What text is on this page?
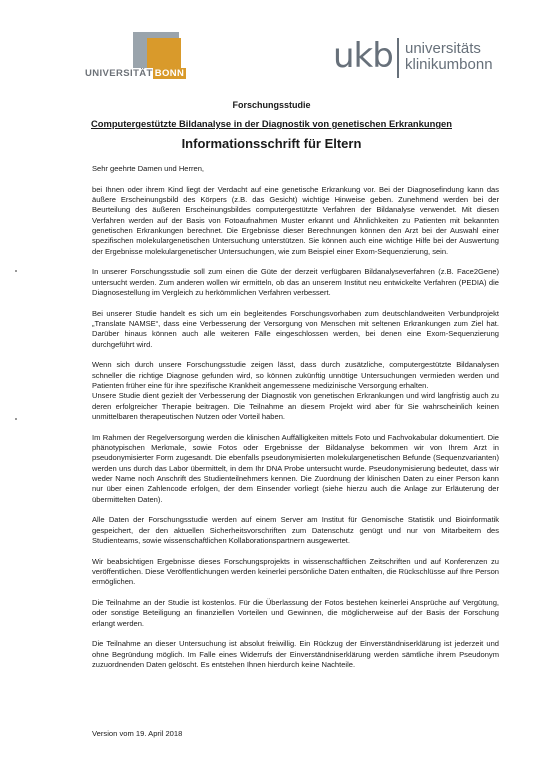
UNIVERSITÄT BONN	ukb universitäts
klinikumbonn
Forschungsstudie
Computergestützte Bildanalyse in der Diagnostik von genetischen Erkrankungen
Informationsschrift für Eltern

Sehr geehrte Damen und Herren,

bei Ihnen oder ihrem Kind liegt der Verdacht auf eine genetische Erkrankung vor. Bei der Diagnosefindung kann das äußere Erscheinungsbild des Körpers (z.B. das Gesicht) wichtige Hinweise geben. Zunehmend werden bei der Beurteilung des äußeren Erscheinungsbildes computergestützte Verfahren der Bildanalyse verwendet. Mit diesen Verfahren werden auf der Basis von Fotoaufnahmen Muster erkannt und Ähnlichkeiten zu Patienten mit bekannten genetischen Erkrankungen berechnet. Die Ergebnisse dieser Berechnungen können den Arzt bei der Auswahl einer spezifischen molekulargenetischen Untersuchung unterstützen. Sie können auch eine wichtige Hilfe bei der Auswertung der Ergebnisse molekulargenetischer Untersuchungen, wie zum Beispiel einer Exom-Sequenzierung, sein.

In unserer Forschungsstudie soll zum einen die Güte der derzeit verfügbaren Bildanalyseverfahren (z.B. Face2Gene) untersucht werden. Zum anderen wollen wir ermitteln, ob das an unserem Institut neu entwickelte Verfahren (PEDIA) die Diagnosestellung im Vergleich zu herkömmlichen Verfahren verbessert.

Bei unserer Studie handelt es sich um ein begleitendes Forschungsvorhaben zum deutschlandweiten Verbundprojekt „Translate NAMSE“, dass eine Verbesserung der Versorgung von Menschen mit seltenen Erkrankungen zum Ziel hat. Darüber hinaus können auch alle weiteren Fälle eingeschlossen werden, bei denen eine Exom-Sequenzierung durchgeführt wird.

Wenn sich durch unsere Forschungsstudie zeigen lässt, dass durch zusätzliche, computergestützte Bildanalysen schneller die richtige Diagnose gefunden wird, so können zukünftig unnötige Untersuchungen vermieden werden und Patienten früher eine für ihre spezifische Krankheit angemessene medizinische Versorgung erhalten.

Unsere Studie dient gezielt der Verbesserung der Diagnostik von genetischen Erkrankungen und wird langfristig auch zu deren erfolgreicher Therapie beitragen. Die Teilnahme an diesem Projekt wird aber für Sie wahrscheinlich keinen unmittelbaren therapeutischen Nutzen oder Vorteil haben.

Im Rahmen der Regelversorgung werden die klinischen Auffälligkeiten mittels Foto und Fachvokabular dokumentiert. Die phänotypischen Merkmale, sowie Fotos oder Ergebnisse der Bildanalyse bekommen wir von Ihrem Arzt in pseudonymisierter Form zugesandt. Die ebenfalls pseudonymisierten molekulargenetischen Befunde (Sequenzvarianten) werden uns durch das Labor übermittelt, in dem Ihr DNA Probe untersucht wurde. Pseudonymisierung bedeutet, dass wir weder Name noch Anschrift des Studienteilnehmers kennen. Die Zuordnung der klinischen Daten zu einer Person kann nur über einen Zahlencode erfolgen, der dem Einsender vorliegt (siehe hierzu auch die Anlage zur Erläuterung der übermittelten Daten).

Alle Daten der Forschungsstudie werden auf einem Server am Institut für Genomische Statistik und Bioinformatik gespeichert, der den aktuellen Sicherheitsvorschriften zum Datenschutz genügt und nur von Mitarbeitern des Studienteams, sowie wissenschaftlichen Kollaborationspartnern ausgewertet.

Wir beabsichtigen Ergebnisse dieses Forschungsprojekts in wissenschaftlichen Zeitschriften und auf Konferenzen zu veröffentlichen. Diese Veröffentlichungen werden keinerlei persönliche Daten enthalten, die Rückschlüsse auf Ihre Person ermöglichen.

Die Teilnahme an der Studie ist kostenlos. Für die Überlassung der Fotos bestehen keinerlei Ansprüche auf Vergütung, oder sonstige Beteiligung an finanziellen Vorteilen und Gewinnen, die möglicherweise auf der Basis der Forschung erlangt werden.

Die Teilnahme an dieser Untersuchung ist absolut freiwillig. Ein Rückzug der Einverständniserklärung ist jederzeit und ohne Begründung möglich. Im Falle eines Widerrufs der Einverständniserklärung werden sämtliche ihrem Pseudonym zuzuordnenden Daten gelöscht. Es entstehen Ihnen hierdurch keine Nachteile.

Version vom 19. April 2018
